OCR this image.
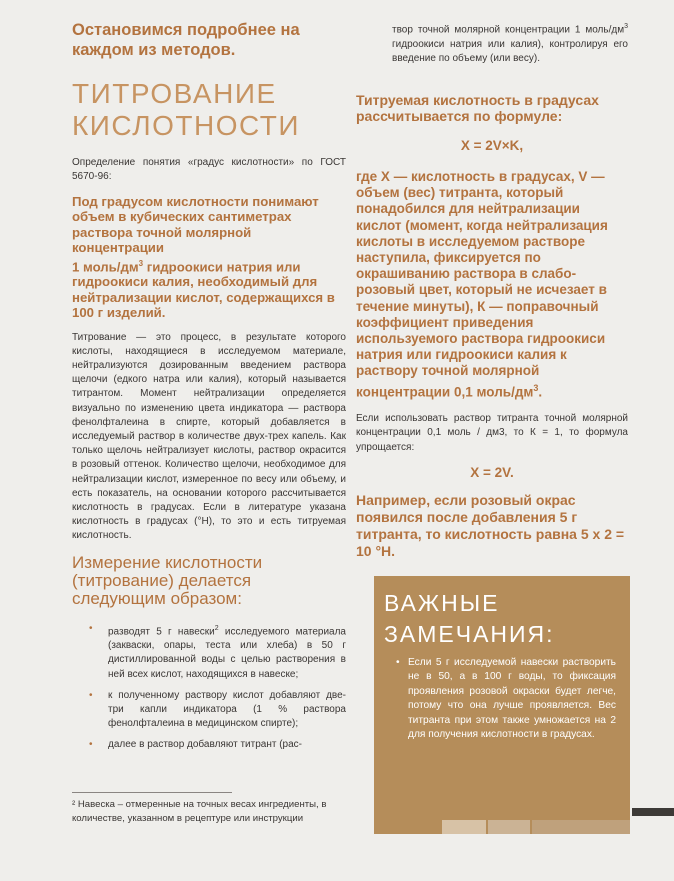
Остановимся подробнее на каждом из методов.

ТИТРОВАНИЕ
КИСЛОТНОСТИ

Определение понятия «градус кислотности» по ГОСТ 5670-96:

Под градусом кислотности понимают объем в кубических сантиметрах раствора точной молярной концентрации
1 моль/$дм^3$ гидроокиси натрия или гидроокиси калия, необходимый для нейтрализации кислот, содержащихся в 100 г изделий.

Титрование — это процесс, в результате которого кислоты, находящиеся в исследуемом материале, нейтрализуются дозированным введением раствора щелочи (едкого натра или калия), который называется титрантом. Момент нейтрализации определяется визуально по изменению цвета индикатора — раствора фенолфталеина в спирте, который добавляется в исследуемый раствор в количестве двух-трех капель. Как только щелочь нейтрализует кислоты, раствор окрасится в розовый оттенок. Количество щелочи, необходимое для нейтрализации кислот, измеренное по весу или объему, и есть показатель, на основании которого рассчитывается кислотность в градусах. Если в литературе указана кислотность в градусах (°Н), то это и есть титруемая кислотность.

Измерение кислотности (титрование) делается следующим образом:
• разводят 5 г навески$^2$ исследуемого материала (закваски, опары, теста или хлеба) в 50 г дистиллированной воды с целью растворения в ней всех кислот, находящихся в навеске;
• к полученному раствору кислот добавляют две-три капли индикатора (1 % раствора фенолфталеина в медицинском спирте);
• далее в раствор добавляют титрант (рас-

² Навеска – отмеренные на точных весах ингредиенты, в количестве, указанном в рецептуре или инструкции

твор точной молярной концентрации 1 моль/$дм^3$ гидроокиси натрия или калия), контролируя его введение по объему (или весу).

Титруемая кислотность в градусах рассчитывается по формуле:

X = 2V×K,

где X — кислотность в градусах, V — объем (вес) титранта, который понадобился для нейтрализации кислот (момент, когда нейтрализация кислоты в исследуемом растворе наступила, фиксируется по окрашиванию раствора в слабо-розовый цвет, который не исчезает в течение минуты), К — поправочный коэффициент приведения используемого раствора гидроокиси натрия или гидроокиси калия к раствору точной молярной концентрации 0,1 моль/$дм^3$.

Если использовать раствор титранта точной молярной концентрации 0,1 моль / дм3, то К = 1, то формула упрощается:

X = 2V.

Например, если розовый окрас появился после добавления 5 г титранта, то кислотность равна 5 х 2 = 10 °Н.

ВАЖНЫЕ
ЗАМЕЧАНИЯ:

• Если 5 г исследуемой навески растворить не в 50, а в 100 г воды, то фиксация проявления розовой окраски будет легче, потому что она лучше проявляется. Вес титранта при этом также умножается на 2 для получения кислотности в градусах.
